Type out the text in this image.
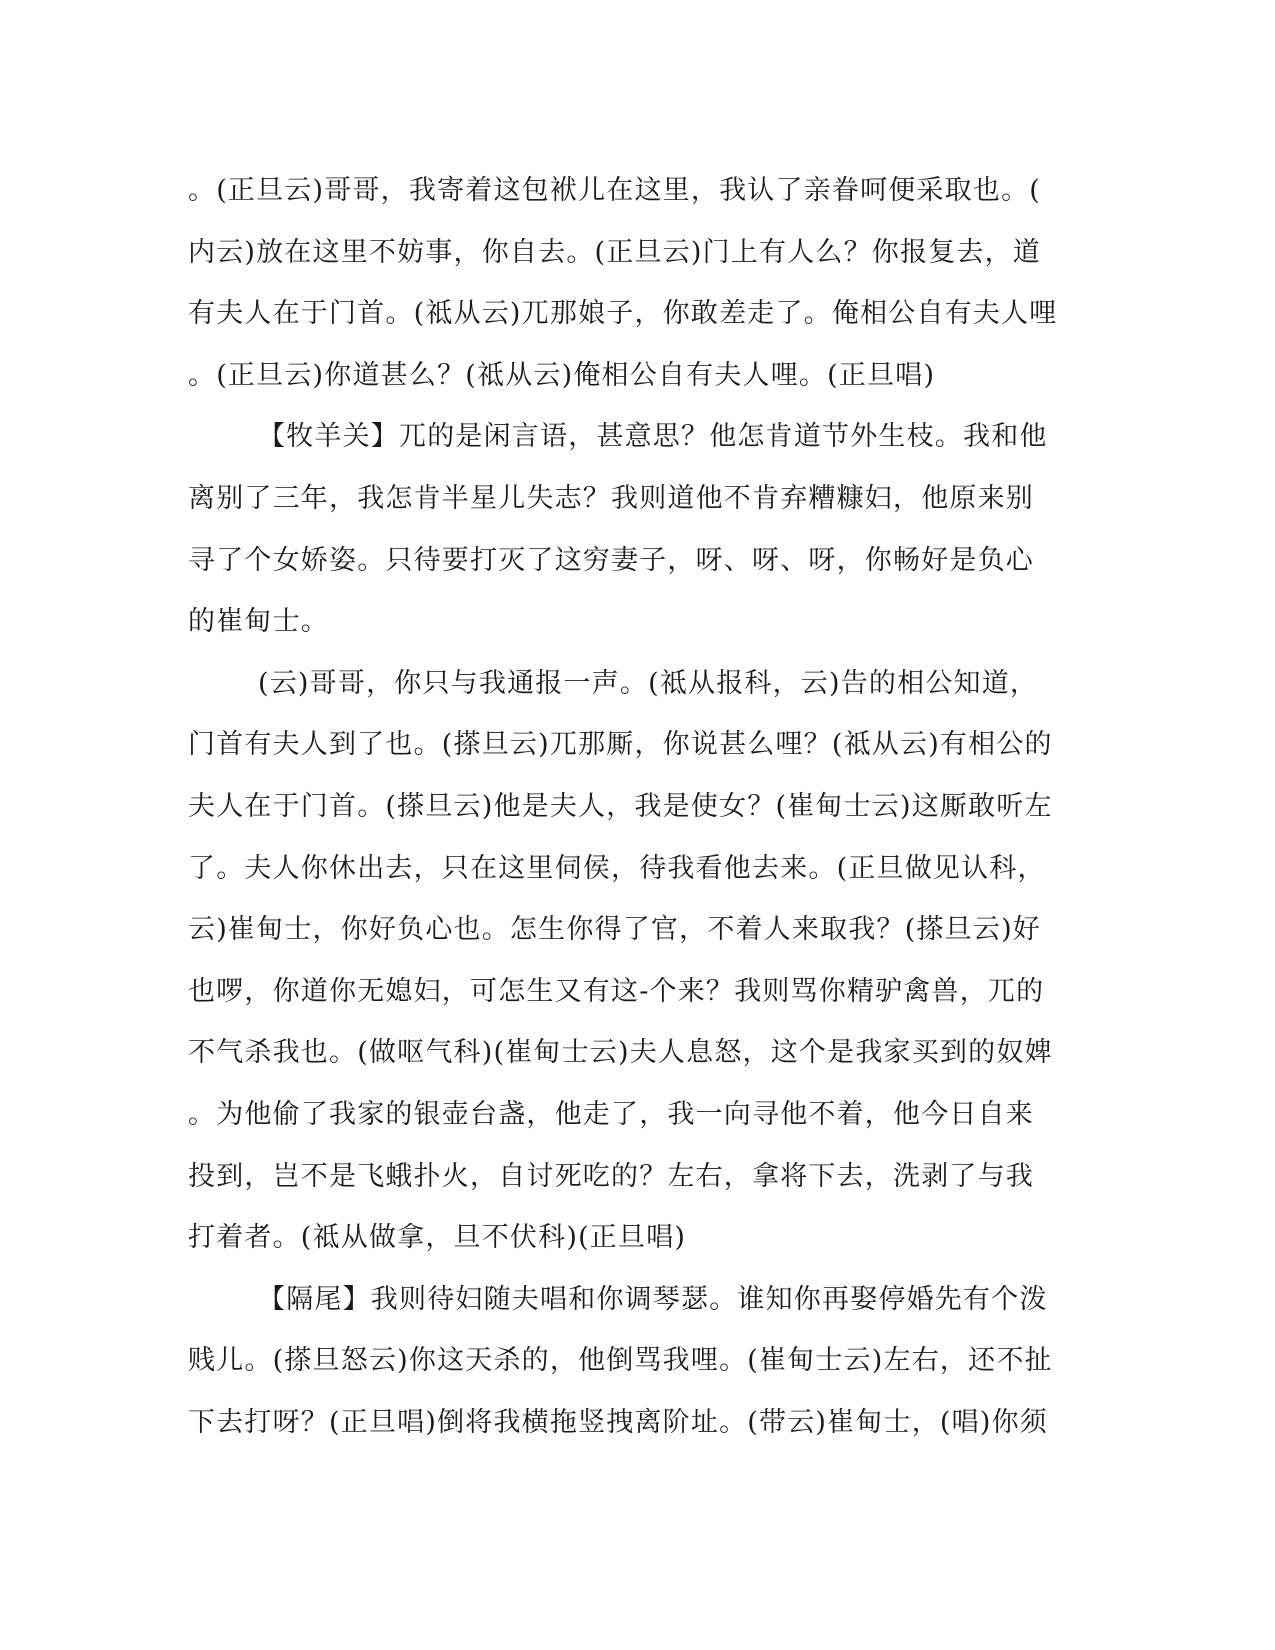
。(正旦云)哥哥，我寄着这包袱儿在这里，我认了亲眷呵便采取也。(
内云)放在这里不妨事，你自去。(正旦云)门上有人么？你报复去，道
有夫人在于门首。(祗从云)兀那娘子，你敢差走了。俺相公自有夫人哩
。(正旦云)你道甚么？(祗从云)俺相公自有夫人哩。(正旦唱)
【牧羊关】兀的是闲言语，甚意思？他怎肯道节外生枝。我和他
离别了三年，我怎肯半星儿失志？我则道他不肯弃糟糠妇，他原来别
寻了个女娇姿。只待要打灭了这穷妻子，呀、呀、呀，你畅好是负心
的崔甸士。
(云)哥哥，你只与我通报一声。(祗从报科，云)告的相公知道，
门首有夫人到了也。(搽旦云)兀那厮，你说甚么哩？(祗从云)有相公的
夫人在于门首。(搽旦云)他是夫人，我是使女？(崔甸士云)这厮敢听左
了。夫人你休出去，只在这里伺侯，待我看他去来。(正旦做见认科，
云)崔甸士，你好负心也。怎生你得了官，不着人来取我？(搽旦云)好
也啰，你道你无媳妇，可怎生又有这-个来？我则骂你精驴禽兽，兀的
不气杀我也。(做呕气科)(崔甸士云)夫人息怒，这个是我家买到的奴婢
。为他偷了我家的银壶台盏，他走了，我一向寻他不着，他今日自来
投到，岂不是飞蛾扑火，自讨死吃的？左右，拿将下去，洗剥了与我
打着者。(祗从做拿，旦不伏科)(正旦唱)
【隔尾】我则待妇随夫唱和你调琴瑟。谁知你再娶停婚先有个泼
贱儿。(搽旦怒云)你这天杀的，他倒骂我哩。(崔甸士云)左右，还不扯
下去打呀？(正旦唱)倒将我横拖竖拽离阶址。(带云)崔甸士，(唱)你须
